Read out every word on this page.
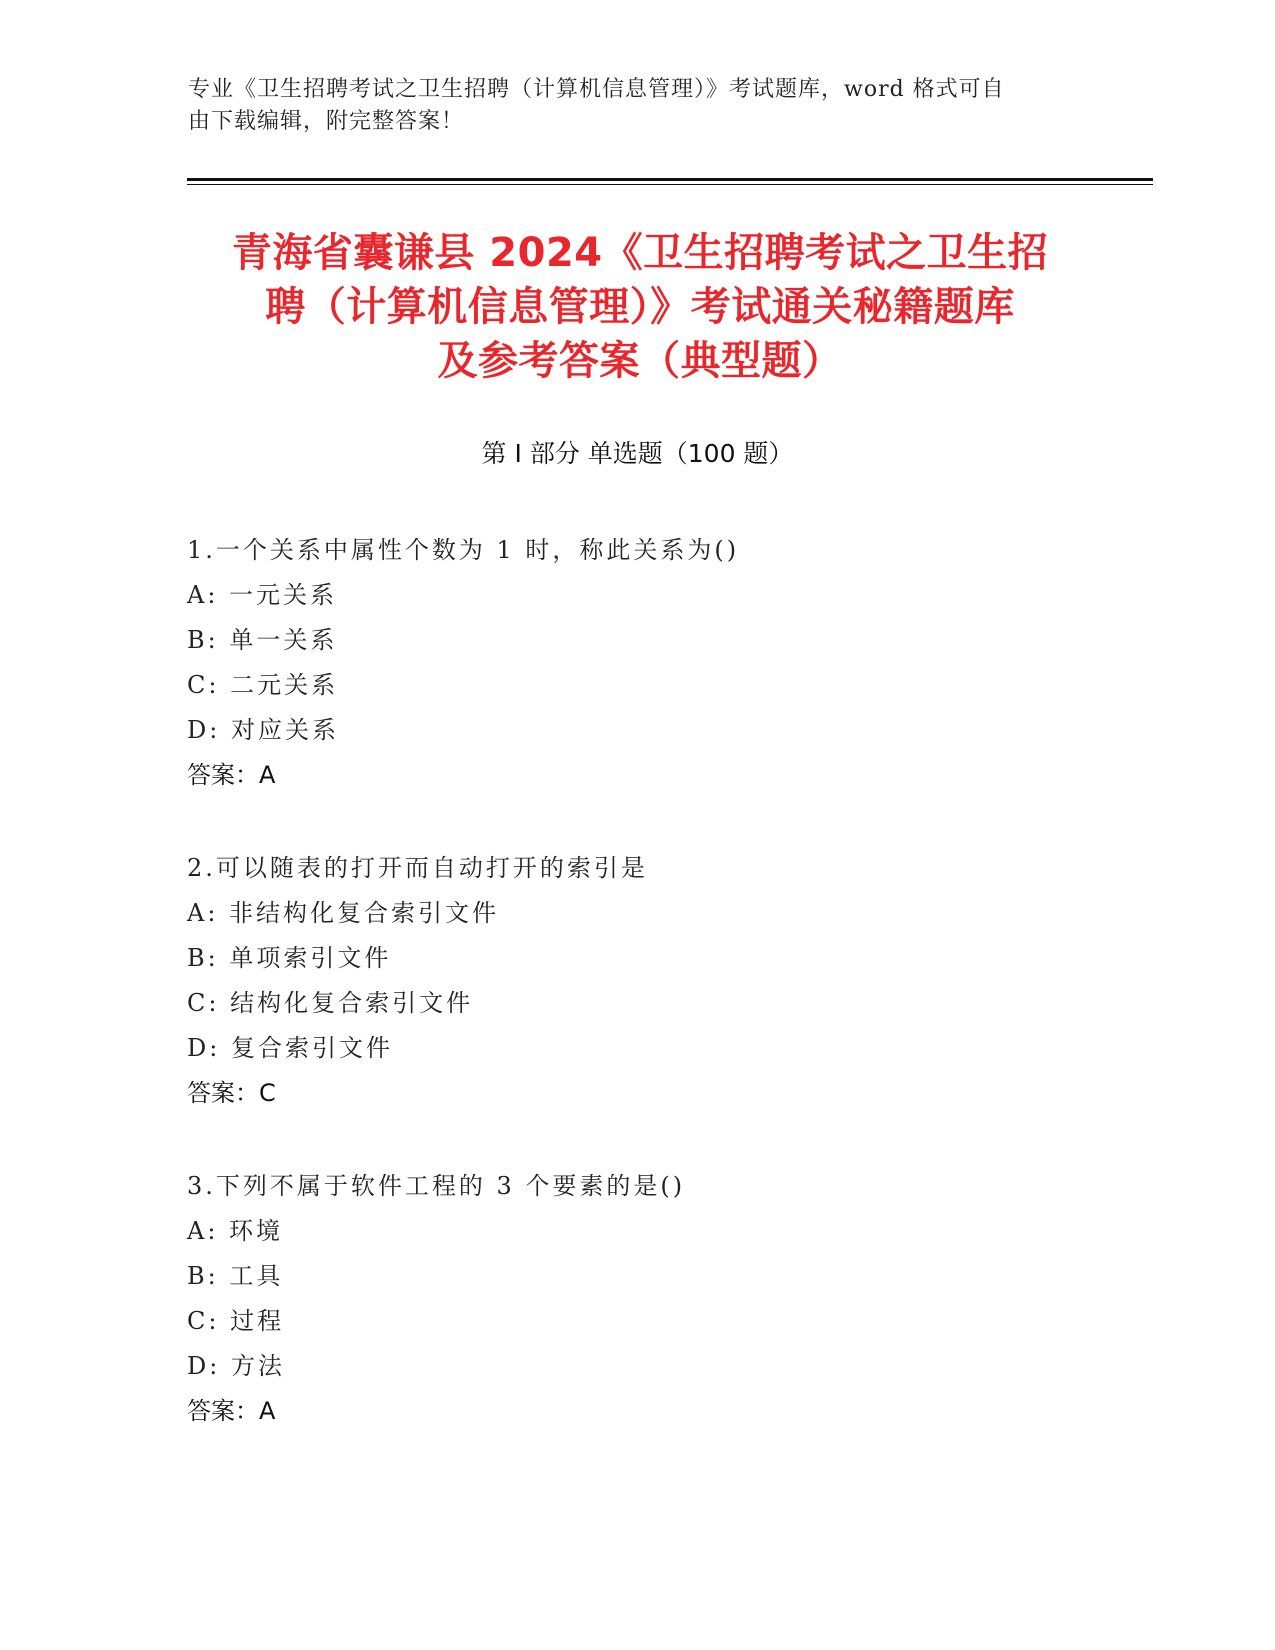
专业《卫生招聘考试之卫生招聘（计算机信息管理）》考试题库，word 格式可自
由下载编辑，附完整答案！
青海省囊谦县 2024《卫生招聘考试之卫生招
聘（计算机信息管理）》考试通关秘籍题库
及参考答案（典型题）
第 I 部分 单选题（100 题）
1.一个关系中属性个数为 1 时，称此关系为()
A: 一元关系
B: 单一关系
C: 二元关系
D: 对应关系
答案：A
2.可以随表的打开而自动打开的索引是
A: 非结构化复合索引文件
B: 单项索引文件
C: 结构化复合索引文件
D: 复合索引文件
答案：C
3.下列不属于软件工程的 3 个要素的是()
A: 环境
B: 工具
C: 过程
D: 方法
答案：A
